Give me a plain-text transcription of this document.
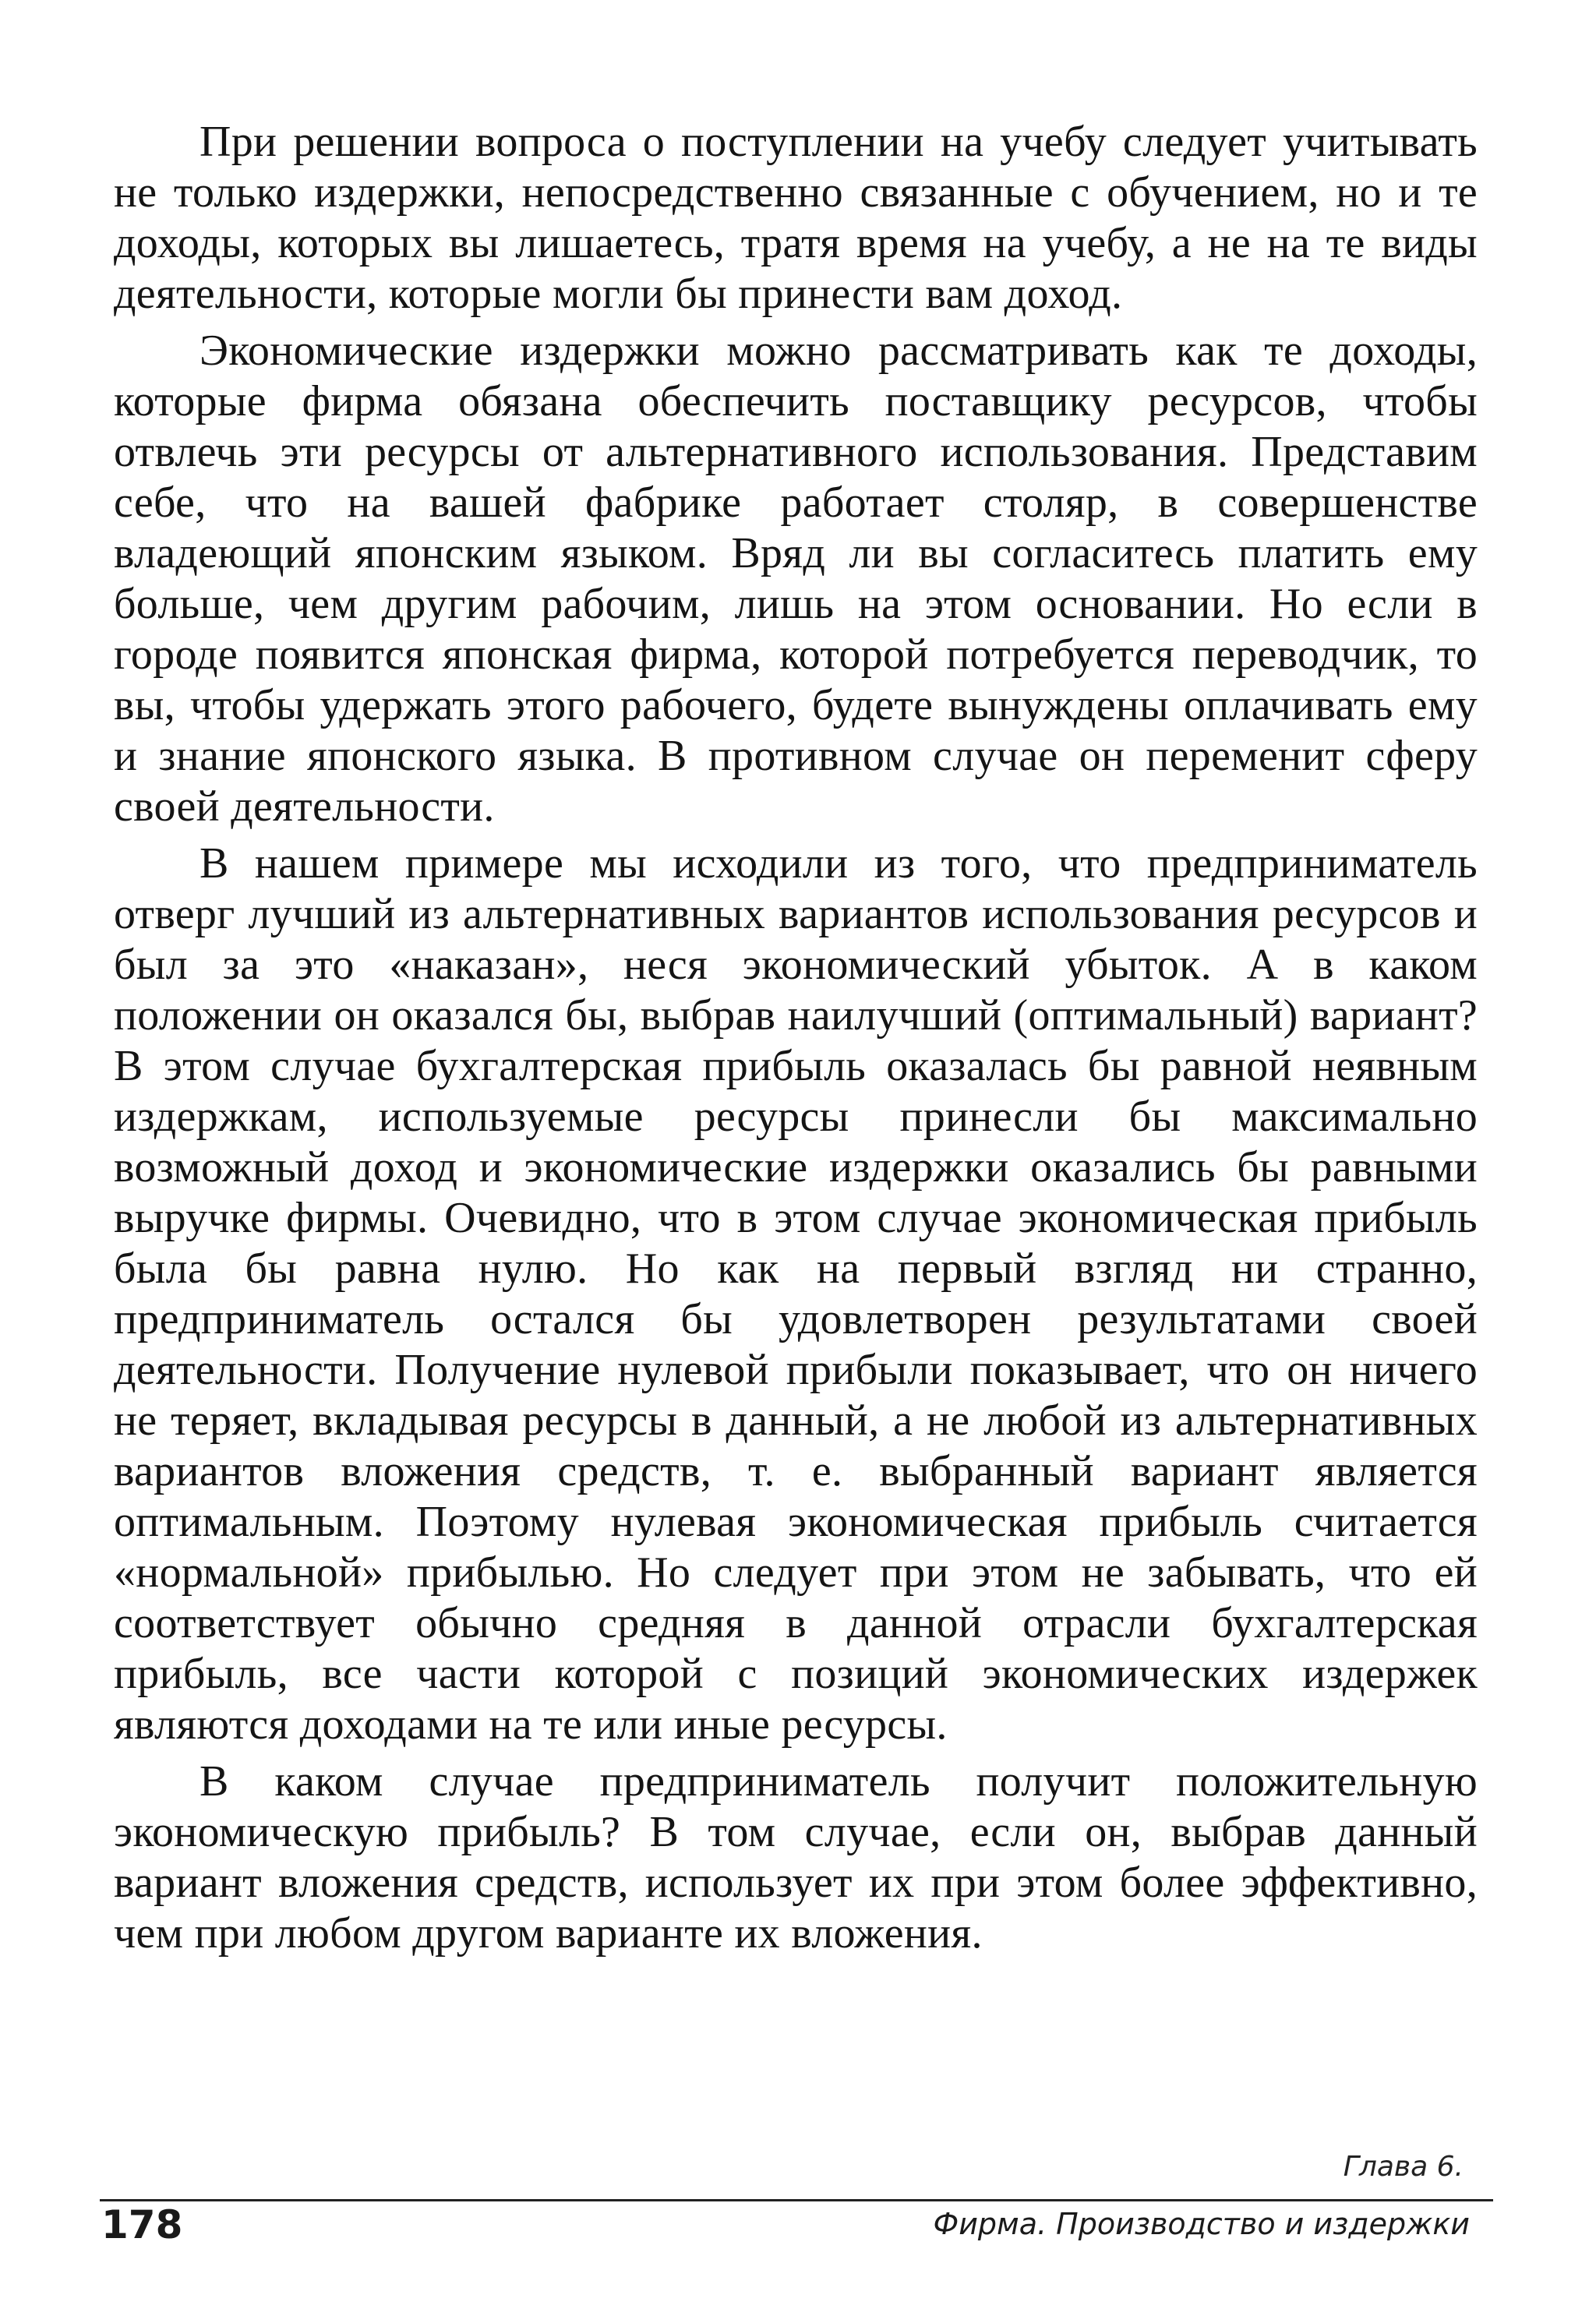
При решении вопроса о поступлении на учебу следует учитывать не только издержки, непосредственно связанные с обучением, но и те доходы, которых вы лишаетесь, тратя время на учебу, а не на те виды деятельности, которые могли бы принести вам доход.

Экономические издержки можно рассматривать как те доходы, которые фирма обязана обеспечить поставщику ресурсов, чтобы отвлечь эти ресурсы от альтернативного использования. Представим себе, что на вашей фабрике работает столяр, в совершенстве владеющий японским языком. Вряд ли вы согласитесь платить ему больше, чем другим рабочим, лишь на этом основании. Но если в городе появится японская фирма, которой потребуется переводчик, то вы, чтобы удержать этого рабочего, будете вынуждены оплачивать ему и знание японского языка. В противном случае он переменит сферу своей деятельности.

В нашем примере мы исходили из того, что предприниматель отверг лучший из альтернативных вариантов использования ресурсов и был за это «наказан», неся экономический убыток. А в каком положении он оказался бы, выбрав наилучший (оптимальный) вариант? В этом случае бухгалтерская прибыль оказалась бы равной неявным издержкам, используемые ресурсы принесли бы максимально возможный доход и экономические издержки оказались бы равными выручке фирмы. Очевидно, что в этом случае экономическая прибыль была бы равна нулю. Но как на первый взгляд ни странно, предприниматель остался бы удовлетворен результатами своей деятельности. Получение нулевой прибыли показывает, что он ничего не теряет, вкладывая ресурсы в данный, а не любой из альтернативных вариантов вложения средств, т. е. выбранный вариант является оптимальным. Поэтому нулевая экономическая прибыль считается «нормальной» прибылью. Но следует при этом не забывать, что ей соответствует обычно средняя в данной отрасли бухгалтерская прибыль, все части которой с позиций экономических издержек являются доходами на те или иные ресурсы.

В каком случае предприниматель получит положительную экономическую прибыль? В том случае, если он, выбрав данный вариант вложения средств, использует их при этом более эффективно, чем при любом другом варианте их вложения.

Глава 6.
178	Фирма. Производство и издержки
